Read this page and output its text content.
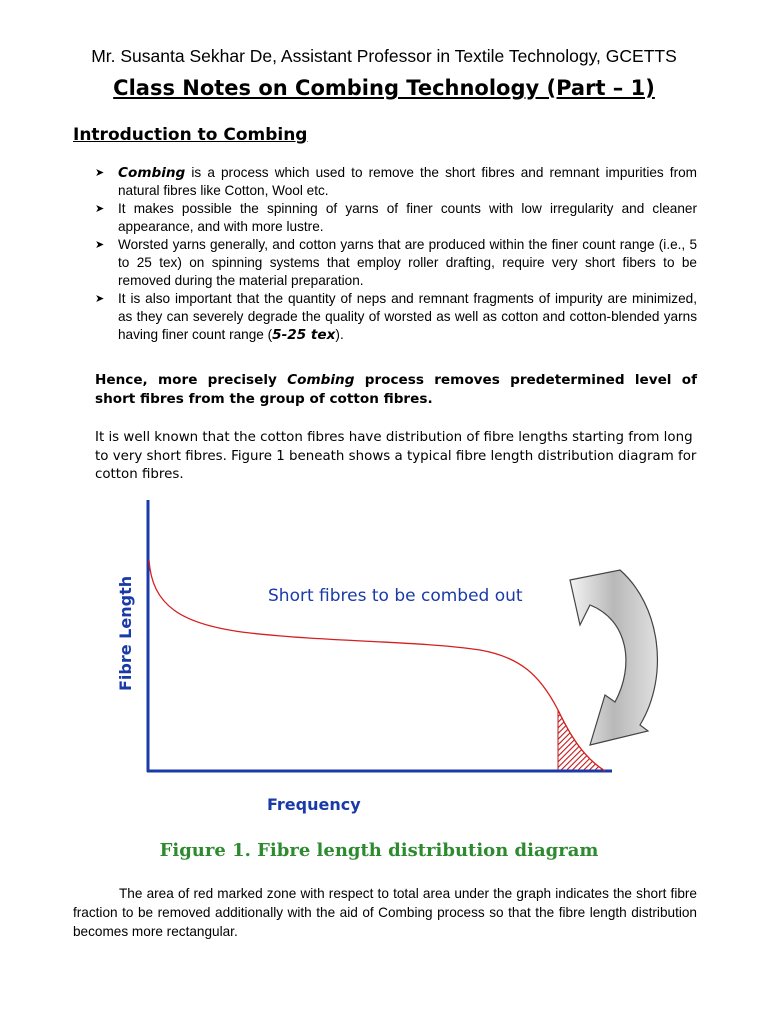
Mr. Susanta Sekhar De, Assistant Professor in Textile Technology, GCETTS
Class Notes on Combing Technology (Part – 1)
Introduction to Combing
➤ Combing is a process which used to remove the short fibres and remnant impurities from natural fibres like Cotton, Wool etc.
➤ It makes possible the spinning of yarns of finer counts with low irregularity and cleaner appearance, and with more lustre.
➤ Worsted yarns generally, and cotton yarns that are produced within the finer count range (i.e., 5 to 25 tex) on spinning systems that employ roller drafting, require very short fibers to be removed during the material preparation.
➤ It is also important that the quantity of neps and remnant fragments of impurity are minimized, as they can severely degrade the quality of worsted as well as cotton and cotton-blended yarns having finer count range (5-25 tex).
Hence, more precisely Combing process removes predetermined level of short fibres from the group of cotton fibres.
It is well known that the cotton fibres have distribution of fibre lengths starting from long to very short fibres. Figure 1 beneath shows a typical fibre length distribution diagram for cotton fibres.
Short fibres to be combed out
Frequency
Fibre Length
Figure 1. Fibre length distribution diagram
The area of red marked zone with respect to total area under the graph indicates the short fibre fraction to be removed additionally with the aid of Combing process so that the fibre length distribution becomes more rectangular.
